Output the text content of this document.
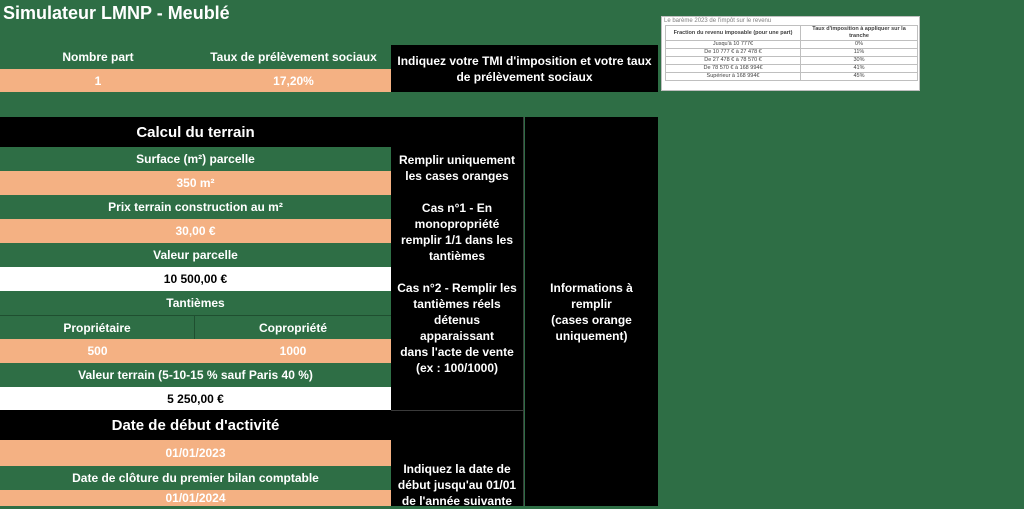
Simulateur LMNP - Meublé
Nombre part	Taux de prélèvement sociaux
1	17,20%
Indiquez votre TMI d'imposition et votre taux
de prélèvement sociaux
Le barème 2023 de l'impôt sur le revenu
Fraction du revenu imposable (pour une part)	Taux d'imposition à appliquer sur la tranche
Jusqu'à 10 777€	0%
De 10 777 € à 27 478 €	11%
De 27 478 € à 78 570 €	30%
De 78 570 € à 168 994€	41%
Supérieur à 168 994€	45%
Calcul du terrain
Surface (m²) parcelle
350 m²
Prix terrain construction au m²
30,00 €
Valeur parcelle
10 500,00 €
Tantièmes
Propriétaire	Copropriété
500	1000
Valeur terrain (5-10-15 % sauf Paris 40 %)
5 250,00 €
Date de début d'activité
01/01/2023
Date de clôture du premier bilan comptable
01/01/2024
Remplir uniquement
les cases oranges
Cas n°1 - En
monopropriété
remplir 1/1 dans les
tantièmes
Cas n°2 - Remplir les
tantièmes réels
détenus apparaissant
dans l'acte de vente
(ex : 100/1000)
Indiquez la date de
début jusqu'au 01/01
de l'année suivante
Informations à remplir
(cases orange
uniquement)
